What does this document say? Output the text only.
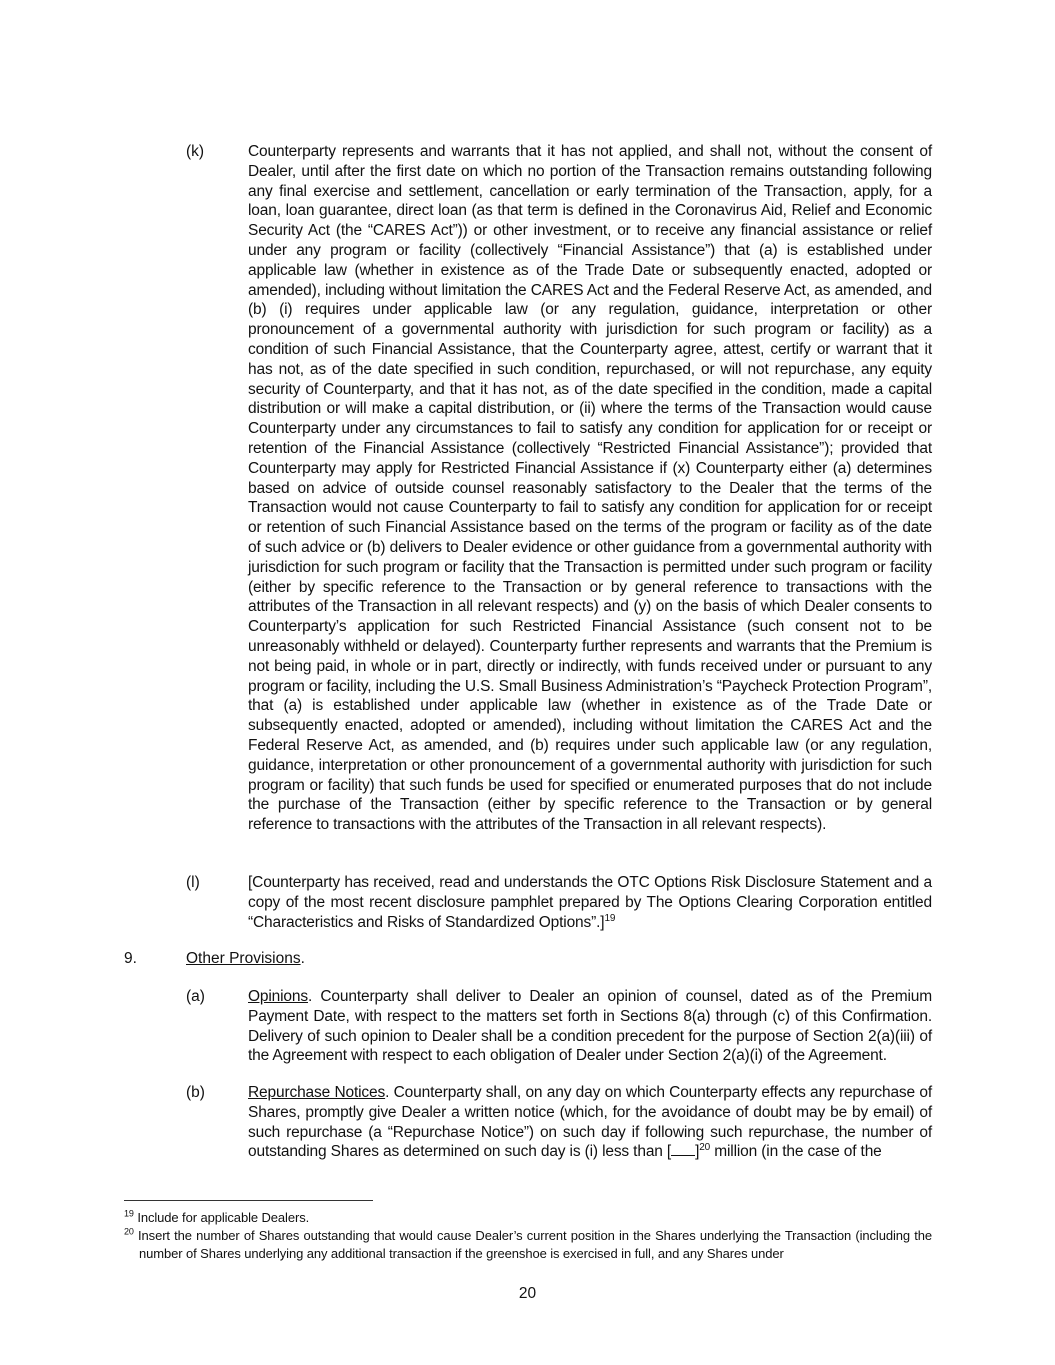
(k)	Counterparty represents and warrants that it has not applied, and shall not, without the consent of Dealer, until after the first date on which no portion of the Transaction remains outstanding following any final exercise and settlement, cancellation or early termination of the Transaction, apply, for a loan, loan guarantee, direct loan (as that term is defined in the Coronavirus Aid, Relief and Economic Security Act (the “CARES Act”)) or other investment, or to receive any financial assistance or relief under any program or facility (collectively “Financial Assistance”) that (a) is established under applicable law (whether in existence as of the Trade Date or subsequently enacted, adopted or amended), including without limitation the CARES Act and the Federal Reserve Act, as amended, and (b) (i) requires under applicable law (or any regulation, guidance, interpretation or other pronouncement of a governmental authority with jurisdiction for such program or facility) as a condition of such Financial Assistance, that the Counterparty agree, attest, certify or warrant that it has not, as of the date specified in such condition, repurchased, or will not repurchase, any equity security of Counterparty, and that it has not, as of the date specified in the condition, made a capital distribution or will make a capital distribution, or (ii) where the terms of the Transaction would cause Counterparty under any circumstances to fail to satisfy any condition for application for or receipt or retention of the Financial Assistance (collectively “Restricted Financial Assistance”); provided that Counterparty may apply for Restricted Financial Assistance if (x) Counterparty either (a) determines based on advice of outside counsel reasonably satisfactory to the Dealer that the terms of the Transaction would not cause Counterparty to fail to satisfy any condition for application for or receipt or retention of such Financial Assistance based on the terms of the program or facility as of the date of such advice or (b) delivers to Dealer evidence or other guidance from a governmental authority with jurisdiction for such program or facility that the Transaction is permitted under such program or facility (either by specific reference to the Transaction or by general reference to transactions with the attributes of the Transaction in all relevant respects) and (y) on the basis of which Dealer consents to Counterparty’s application for such Restricted Financial Assistance (such consent not to be unreasonably withheld or delayed). Counterparty further represents and warrants that the Premium is not being paid, in whole or in part, directly or indirectly, with funds received under or pursuant to any program or facility, including the U.S. Small Business Administration’s “Paycheck Protection Program”, that (a) is established under applicable law (whether in existence as of the Trade Date or subsequently enacted, adopted or amended), including without limitation the CARES Act and the Federal Reserve Act, as amended, and (b) requires under such applicable law (or any regulation, guidance, interpretation or other pronouncement of a governmental authority with jurisdiction for such program or facility) that such funds be used for specified or enumerated purposes that do not include the purchase of the Transaction (either by specific reference to the Transaction or by general reference to transactions with the attributes of the Transaction in all relevant respects).
(l)	[Counterparty has received, read and understands the OTC Options Risk Disclosure Statement and a copy of the most recent disclosure pamphlet prepared by The Options Clearing Corporation entitled “Characteristics and Risks of Standardized Options”.]$^{19}$
9.	Other Provisions.
(a)	Opinions. Counterparty shall deliver to Dealer an opinion of counsel, dated as of the Premium Payment Date, with respect to the matters set forth in Sections 8(a) through (c) of this Confirmation. Delivery of such opinion to Dealer shall be a condition precedent for the purpose of Section 2(a)(iii) of the Agreement with respect to each obligation of Dealer under Section 2(a)(i) of the Agreement.
(b)	Repurchase Notices. Counterparty shall, on any day on which Counterparty effects any repurchase of Shares, promptly give Dealer a written notice (which, for the avoidance of doubt may be by email) of such repurchase (a “Repurchase Notice”) on such day if following such repurchase, the number of outstanding Shares as determined on such day is (i) less than [ ]$^{20}$ million (in the case of the
$^{19}$ Include for applicable Dealers.
$^{20}$ Insert the number of Shares outstanding that would cause Dealer’s current position in the Shares underlying the Transaction (including the number of Shares underlying any additional transaction if the greenshoe is exercised in full, and any Shares under
20
